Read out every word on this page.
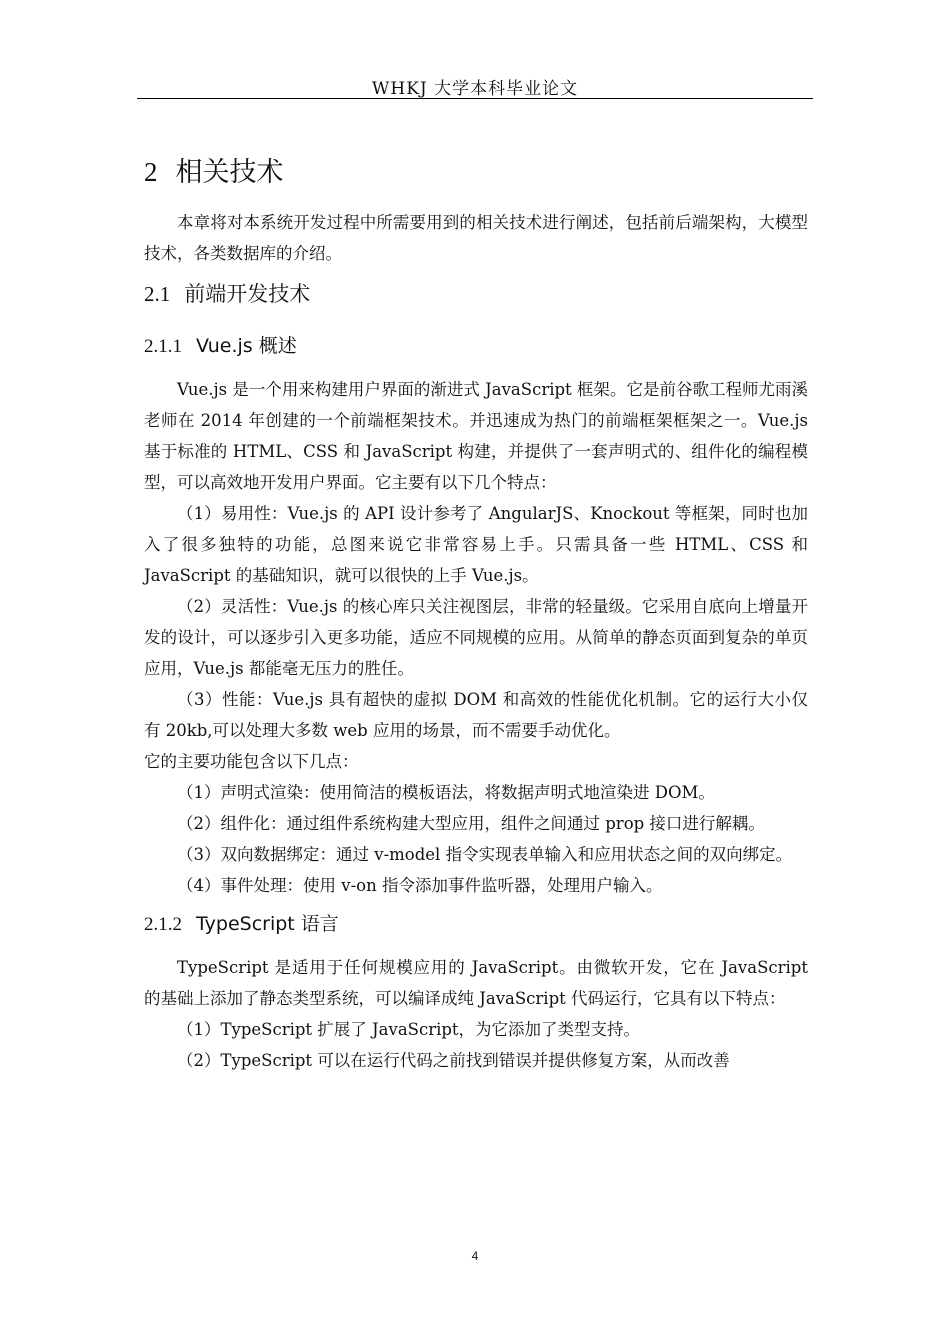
WHKJ 大学本科毕业论文
2 相关技术

本章将对本系统开发过程中所需要用到的相关技术进行阐述，包括前后端架构，大模型技术，各类数据库的介绍。

2.1 前端开发技术
2.1.1 Vue.js 概述

Vue.js 是一个用来构建用户界面的渐进式 JavaScript 框架。它是前谷歌工程师尤雨溪老师在 2014 年创建的一个前端框架技术。并迅速成为热门的前端框架框架之一。Vue.js 基于标准的 HTML、CSS 和 JavaScript 构建，并提供了一套声明式的、组件化的编程模型，可以高效地开发用户界面。它主要有以下几个特点：

（1）易用性：Vue.js 的 API 设计参考了 AngularJS、Knockout 等框架，同时也加入了很多独特的功能，总图来说它非常容易上手。只需具备一些 HTML、CSS 和 JavaScript 的基础知识，就可以很快的上手 Vue.js。

（2）灵活性：Vue.js 的核心库只关注视图层，非常的轻量级。它采用自底向上增量开发的设计，可以逐步引入更多功能，适应不同规模的应用。从简单的静态页面到复杂的单页应用，Vue.js 都能毫无压力的胜任。

（3）性能：Vue.js 具有超快的虚拟 DOM 和高效的性能优化机制。它的运行大小仅有 20kb,可以处理大多数 web 应用的场景，而不需要手动优化。

它的主要功能包含以下几点：

（1）声明式渲染：使用简洁的模板语法，将数据声明式地渲染进 DOM。

（2）组件化：通过组件系统构建大型应用，组件之间通过 prop 接口进行解耦。

（3）双向数据绑定：通过 v-model 指令实现表单输入和应用状态之间的双向绑定。

（4）事件处理：使用 v-on 指令添加事件监听器，处理用户输入。

2.1.2 TypeScript 语言

TypeScript 是适用于任何规模应用的 JavaScript。由微软开发，它在 JavaScript 的基础上添加了静态类型系统，可以编译成纯 JavaScript 代码运行，它具有以下特点：

（1）TypeScript 扩展了 JavaScript，为它添加了类型支持。

（2）TypeScript 可以在运行代码之前找到错误并提供修复方案，从而改善

4
